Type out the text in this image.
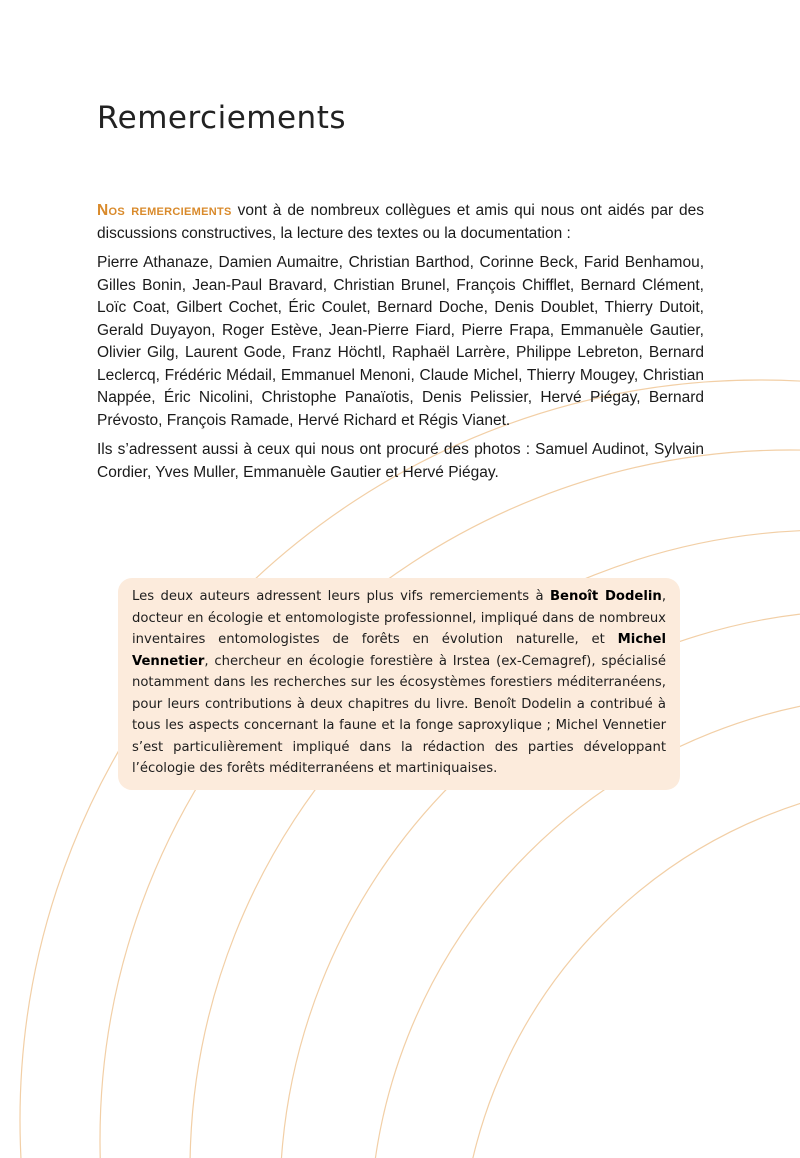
Remerciements

Nos remerciements vont à de nombreux collègues et amis qui nous ont aidés par des discussions constructives, la lecture des textes ou la documentation :

Pierre Athanaze, Damien Aumaitre, Christian Barthod, Corinne Beck, Farid Benhamou, Gilles Bonin, Jean-Paul Bravard, Christian Brunel, François Chifflet, Bernard Clément, Loïc Coat, Gilbert Cochet, Éric Coulet, Bernard Doche, Denis Doublet, Thierry Dutoit, Gerald Duyayon, Roger Estève, Jean-Pierre Fiard, Pierre Frapa, Emmanuèle Gautier, Olivier Gilg, Laurent Gode, Franz Höchtl, Raphaël Larrère, Philippe Lebreton, Bernard Leclercq, Frédéric Médail, Emmanuel Menoni, Claude Michel, Thierry Mougey, Christian Nappée, Éric Nicolini, Christophe Panaïotis, Denis Pelissier, Hervé Piégay, Bernard Prévosto, François Ramade, Hervé Richard et Régis Vianet.

Ils s’adressent aussi à ceux qui nous ont procuré des photos : Samuel Audinot, Sylvain Cordier, Yves Muller, Emmanuèle Gautier et Hervé Piégay.

Les deux auteurs adressent leurs plus vifs remerciements à Benoît Dodelin, docteur en écologie et entomologiste professionnel, impliqué dans de nombreux inventaires entomologistes de forêts en évolution naturelle, et Michel Vennetier, chercheur en écologie forestière à Irstea (ex-Cemagref), spécialisé notamment dans les recherches sur les écosystèmes forestiers méditerranéens, pour leurs contributions à deux chapitres du livre. Benoît Dodelin a contribué à tous les aspects concernant la faune et la fonge saproxylique ; Michel Vennetier s’est particulièrement impliqué dans la rédaction des parties développant l’écologie des forêts méditerranéens et martiniquaises.
